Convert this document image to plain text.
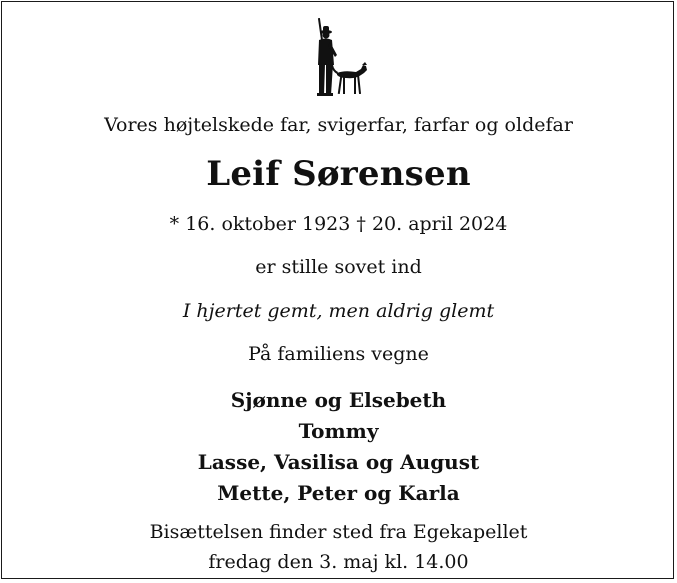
Vores højtelskede far, svigerfar, farfar og oldefar
Leif Sørensen
* 16. oktober 1923 † 20. april 2024
er stille sovet ind
I hjertet gemt, men aldrig glemt
På familiens vegne
Sjønne og Elsebeth
Tommy
Lasse, Vasilisa og August
Mette, Peter og Karla
Bisættelsen finder sted fra Egekapellet
fredag den 3. maj kl. 14.00
